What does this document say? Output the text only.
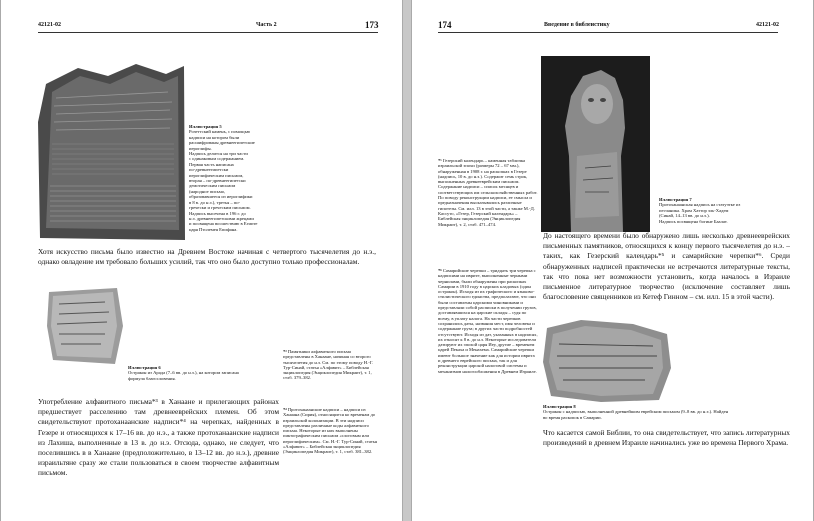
42121-02	Часть 2	173
Иллюстрация 5
Розеттский камень, с помощью
надписи на котором были
расшифрованы древнеегипетские
иероглифы.
Надпись делится на три части
с одинаковым содержанием.
Первая часть написана
по-древнеегипетски
иероглифическим письмом,
вторая – по-древнеегипетски
демотическим письмом
(народное письмо,
образовавшееся из иероглифики
в 8 в. до н.э.), третья – по-
гречески и греческим письмом.
Надпись высечена в 196 г. до
н.э. древнеегипетскими жрецами
и посвящена восшествию в Египте
царя Птолемея Епифана.
Хотя искусство письма было известно на Древнем Востоке начиная с четвертого тысячелетия до н.э., однако овладение им требовало больших усилий, так что оно было доступно только профессионалам.
Иллюстрация 6
Остракон из Арада (7–6 вв. до н.э.), на котором записана формула благословения.
*³ Памятники алфавитного письма представлены в Ханаане, начиная со второго тысячелетия до н.э. См. по этому поводу Н.-Г. Тур-Синай, статья «Алфавит» – Библейская энциклопедия (Энциклопедия Микраит), т. 1, стлб. 379–382.
*⁴ Протоханаанские надписи – надписи из Ханаана (Сирия), относящиеся ко временам до израильской колонизации. В эти надписи представлены различные коды алфавитного письма. Некоторые из них выполнены пиктографическим письмом «слоговым или иероглифическим». См. Н.-Г. Тур-Синай, статья «Алфавит» – Библейская энциклопедия (Энциклопедия Микраит), т. 1, стлб. 381–382.
Употребление алфавитного письма*³ в Ханаане и прилегающих районах предшествует расселению там древнееврейских племен. Об этом свидетельствуют протоханаанские надписи*⁴ на черепках, найденных в Гезере и относящихся к 17–16 вв. до н.э., а также протоханаанские надписи из Лахиша, выполненные в 13 в. до н.э. Отсюда, однако, не следует, что поселившись в в Ханаане (предположительно, в 13–12 вв. до н.э.), древние израильтяне сразу же стали пользоваться в своем творчестве алфавитным письмом.
174	Введение в библеистику	42121-02
*⁵ Гезерский календарь – каменная табличка израильской эпохи (размеры 72 – 67 мм.), обнаруженная в 1908 г. на раскопках в Гезере (надпись, 10 в. до н.э.). Содержит семь строк, выполненных древнееврейским письмом. Содержание надписи – список месяцев и соответствующих им сельскохозяйственных работ. По поводу реконструкции надписи, ее смысла и предназначения высказывались различные гипотезы. См. илл. 13 в этой части, а также М.-Д. Кассуто, «Гезер, Гезерский календарь» – Библейская энциклопедия (Энциклопедия Микраит), т. 2, стлб. 471–474.
*⁶ Самарийские черепки – тридцать три черепка с надписями на иврите, выполненные черными чернилами, были обнаружены при раскопках Самарии в 1910 году в царских кладовых (один остракон). Исходя из их графического и языково-стилистического единства, предполагают, что они были составлены царскими чиновниками и представляли собой расписки в получении грузов, доставлявшихся на царские склады – судя по всему, в уплату налога. На части черепков сохранились даты, названия мест, имя человека и содержание груза; в других части подробностей отсутствуют. Исходя из дат, указанных в надписях, их относят к 8 в. до н.э. Некоторые исследователи датируют их эпохой царя Иеу, другие – временем царей Пекаха и Менахема. Самарийские черепки имеют большое значение как для истории иврита и древнего еврейского письма, так и для реконструкции царской налоговой системы и механизмов налогообложения в Древнем Израиле.
Иллюстрация 7
Протоханаанская надпись на статуэтке из
песчаника. Храм Хаттор эль-Хадем
(Синай, 14–13 вв. до н.э.).
Надпись посвящена богине Баалат.
До настоящего времени было обнаружено лишь несколько древнееврейских письменных памятников, относящихся к концу первого тысячелетия до н.э. – таких, как Гезерский календарь*⁵ и самарийские черепки*⁶. Среди обнаруженных надписей практически не встречаются литературные тексты, так что пока нет возможности установить, когда началось в Израиле письменное литературное творчество (исключение составляет лишь благословение священников из Кетеф Гинном – см. илл. 15 в этой части).
Иллюстрация 8
Остракон с надписью, выполненной древнейшим еврейским письмом (9–8 вв. до н.э.). Найден во время раскопок в Самарии.
Что касается самой Библии, то она свидетельствует, что запись литературных произведений в древнем Израиле начинались уже во времена Первого Храма.
